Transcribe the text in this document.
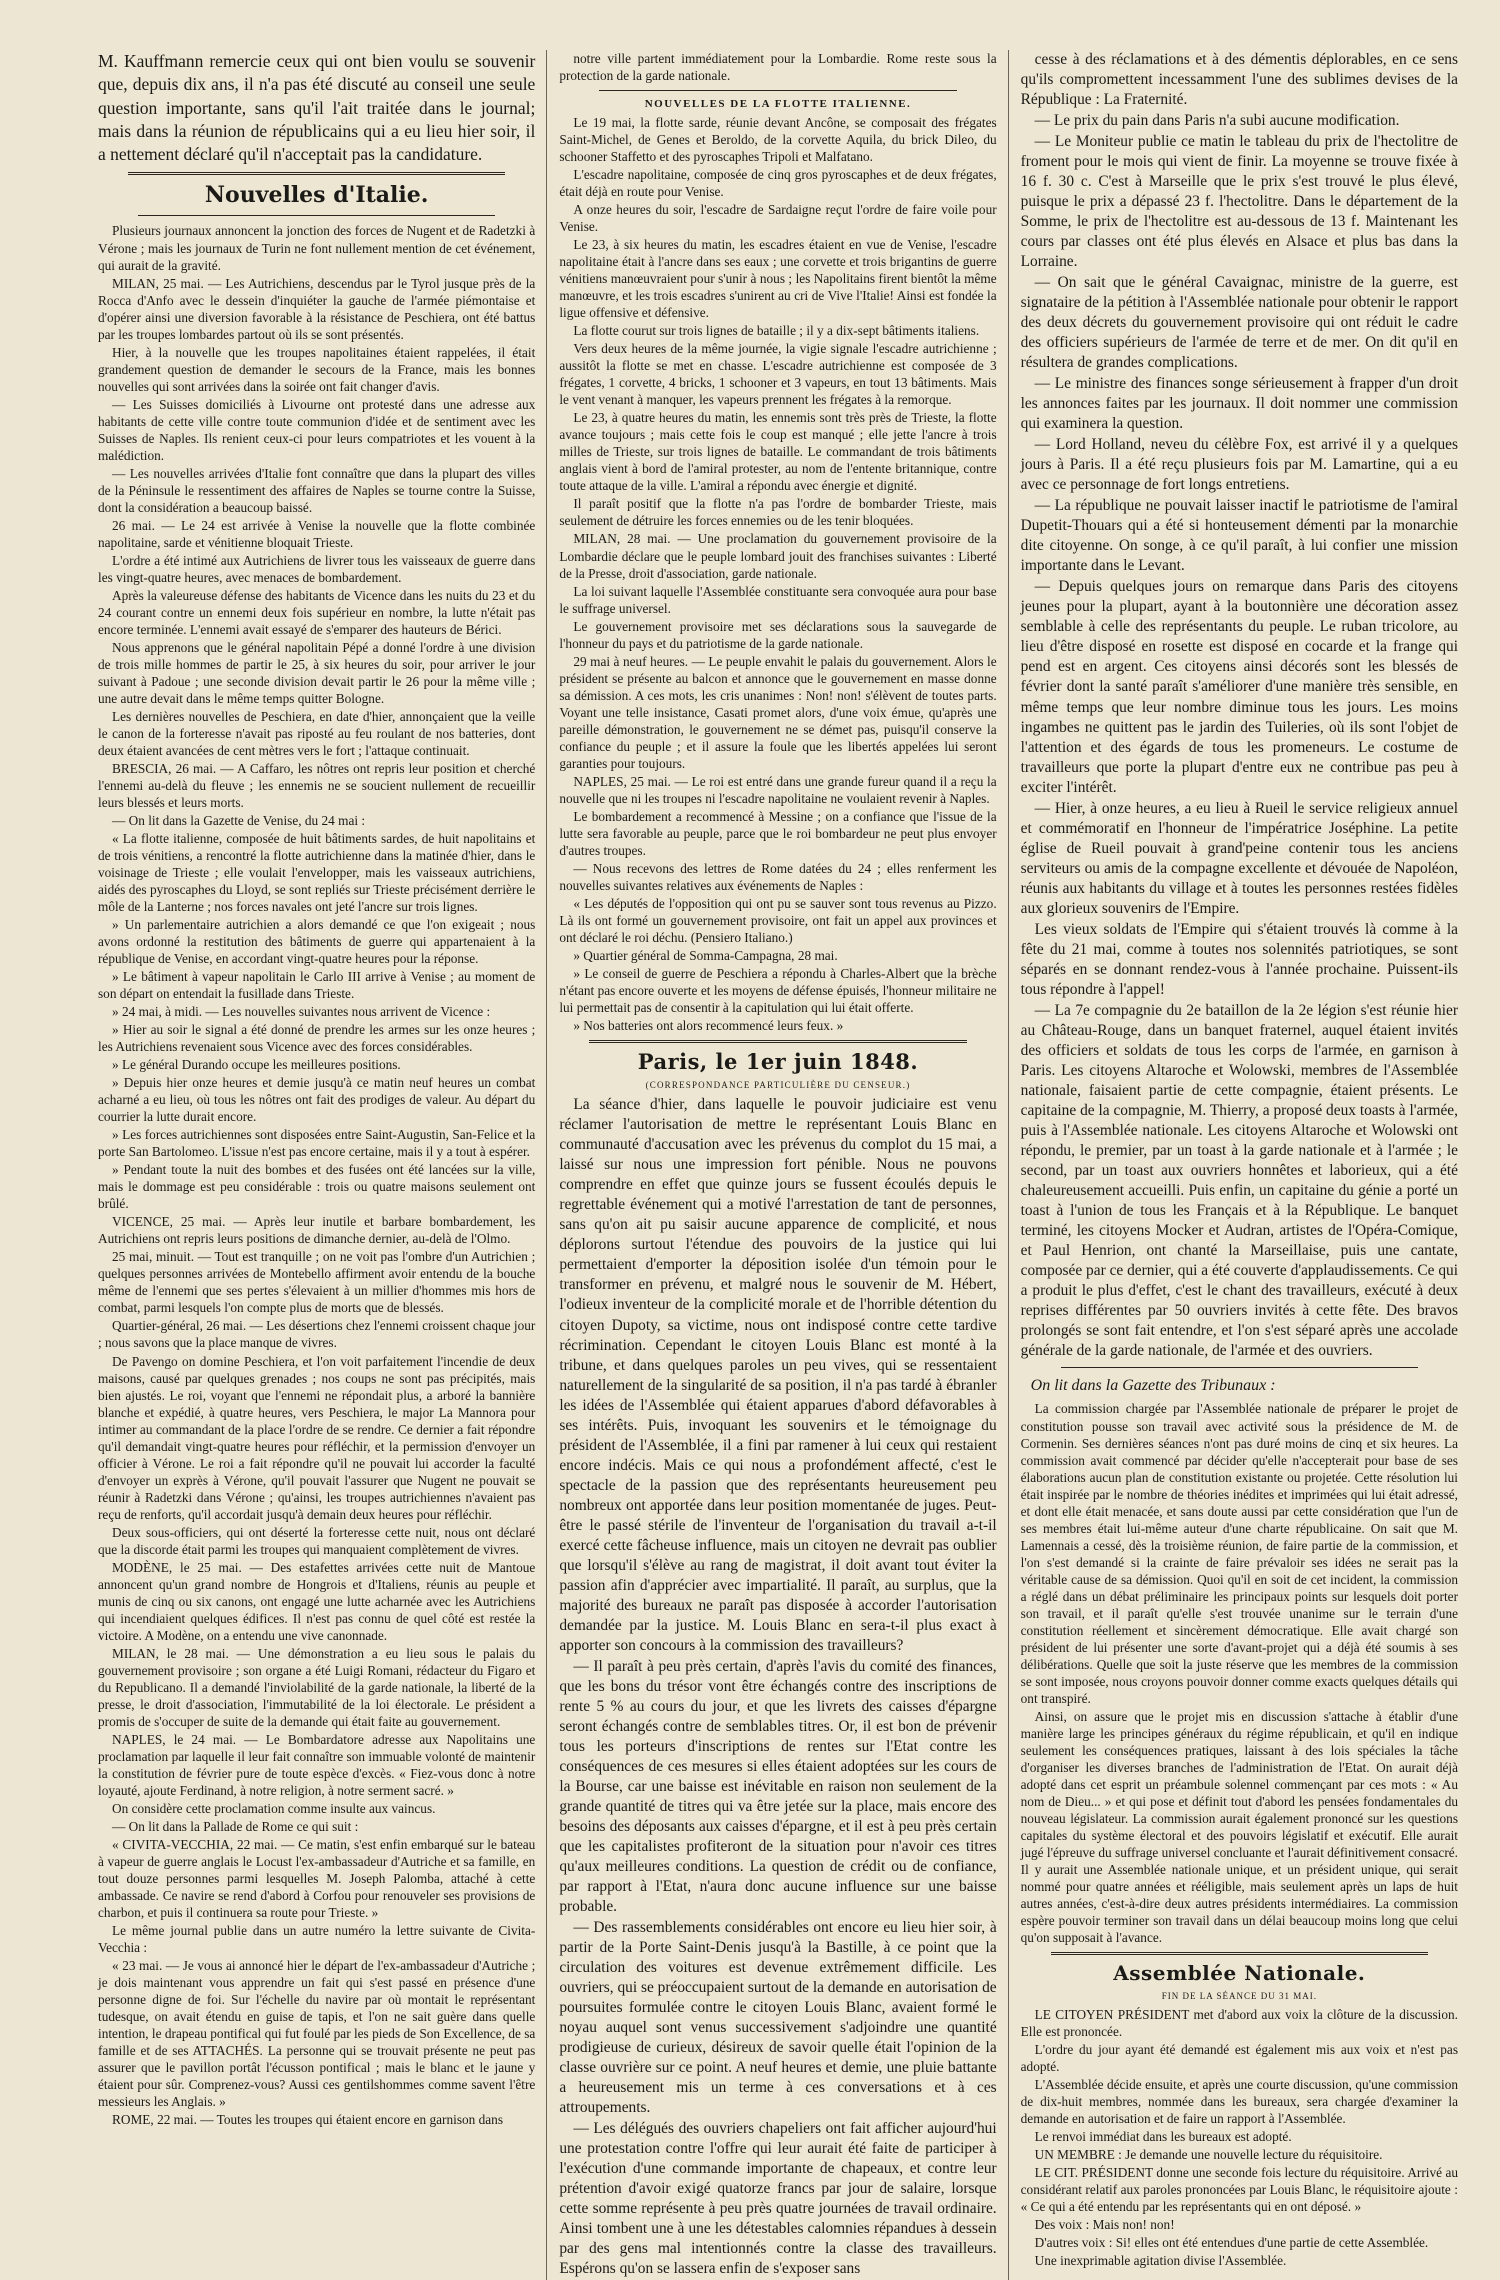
M. Kauffmann remercie ceux qui ont bien voulu se souvenir que, depuis dix ans, il n'a pas été discuté au conseil une seule question importante, sans qu'il l'ait traitée dans le journal; mais dans la réunion de républicains qui a eu lieu hier soir, il a nettement déclaré qu'il n'acceptait pas la candidature.

Nouvelles d'Italie.

Plusieurs journaux annoncent la jonction des forces de Nugent et de Radetzki à Vérone ; mais les journaux de Turin ne font nullement mention de cet événement, qui aurait de la gravité.

MILAN, 25 mai. — Les Autrichiens, descendus par le Tyrol jusque près de la Rocca d'Anfo avec le dessein d'inquiéter la gauche de l'armée piémontaise et d'opérer ainsi une diversion favorable à la résistance de Peschiera, ont été battus par les troupes lombardes partout où ils se sont présentés.

Hier, à la nouvelle que les troupes napolitaines étaient rappelées, il était grandement question de demander le secours de la France, mais les bonnes nouvelles qui sont arrivées dans la soirée ont fait changer d'avis.

— Les Suisses domiciliés à Livourne ont protesté dans une adresse aux habitants de cette ville contre toute communion d'idée et de sentiment avec les Suisses de Naples. Ils renient ceux-ci pour leurs compatriotes et les vouent à la malédiction.

— Les nouvelles arrivées d'Italie font connaître que dans la plupart des villes de la Péninsule le ressentiment des affaires de Naples se tourne contre la Suisse, dont la considération a beaucoup baissé.

26 mai. — Le 24 est arrivée à Venise la nouvelle que la flotte combinée napolitaine, sarde et vénitienne bloquait Trieste.

L'ordre a été intimé aux Autrichiens de livrer tous les vaisseaux de guerre dans les vingt-quatre heures, avec menaces de bombardement.

Après la valeureuse défense des habitants de Vicence dans les nuits du 23 et du 24 courant contre un ennemi deux fois supérieur en nombre, la lutte n'était pas encore terminée. L'ennemi avait essayé de s'emparer des hauteurs de Bérici.

Nous apprenons que le général napolitain Pépé a donné l'ordre à une division de trois mille hommes de partir le 25, à six heures du soir, pour arriver le jour suivant à Padoue ; une seconde division devait partir le 26 pour la même ville ; une autre devait dans le même temps quitter Bologne.

Les dernières nouvelles de Peschiera, en date d'hier, annonçaient que la veille le canon de la forteresse n'avait pas riposté au feu roulant de nos batteries, dont deux étaient avancées de cent mètres vers le fort ; l'attaque continuait.

BRESCIA, 26 mai. — A Caffaro, les nôtres ont repris leur position et cherché l'ennemi au-delà du fleuve ; les ennemis ne se soucient nullement de recueillir leurs blessés et leurs morts.

— On lit dans la Gazette de Venise, du 24 mai :

« La flotte italienne, composée de huit bâtiments sardes, de huit napolitains et de trois vénitiens, a rencontré la flotte autrichienne dans la matinée d'hier, dans le voisinage de Trieste ; elle voulait l'envelopper, mais les vaisseaux autrichiens, aidés des pyroscaphes du Lloyd, se sont repliés sur Trieste précisément derrière le môle de la Lanterne ; nos forces navales ont jeté l'ancre sur trois lignes.

» Un parlementaire autrichien a alors demandé ce que l'on exigeait ; nous avons ordonné la restitution des bâtiments de guerre qui appartenaient à la république de Venise, en accordant vingt-quatre heures pour la réponse.

» Le bâtiment à vapeur napolitain le Carlo III arrive à Venise ; au moment de son départ on entendait la fusillade dans Trieste.

» 24 mai, à midi. — Les nouvelles suivantes nous arrivent de Vicence :

» Hier au soir le signal a été donné de prendre les armes sur les onze heures ; les Autrichiens revenaient sous Vicence avec des forces considérables.

» Le général Durando occupe les meilleures positions.

» Depuis hier onze heures et demie jusqu'à ce matin neuf heures un combat acharné a eu lieu, où tous les nôtres ont fait des prodiges de valeur. Au départ du courrier la lutte durait encore.

» Les forces autrichiennes sont disposées entre Saint-Augustin, San-Felice et la porte San Bartolomeo. L'issue n'est pas encore certaine, mais il y a tout à espérer.

» Pendant toute la nuit des bombes et des fusées ont été lancées sur la ville, mais le dommage est peu considérable : trois ou quatre maisons seulement ont brûlé.

VICENCE, 25 mai. — Après leur inutile et barbare bombardement, les Autrichiens ont repris leurs positions de dimanche dernier, au-delà de l'Olmo.

25 mai, minuit. — Tout est tranquille ; on ne voit pas l'ombre d'un Autrichien ; quelques personnes arrivées de Montebello affirment avoir entendu de la bouche même de l'ennemi que ses pertes s'élevaient à un millier d'hommes mis hors de combat, parmi lesquels l'on compte plus de morts que de blessés.

Quartier-général, 26 mai. — Les désertions chez l'ennemi croissent chaque jour ; nous savons que la place manque de vivres.

De Pavengo on domine Peschiera, et l'on voit parfaitement l'incendie de deux maisons, causé par quelques grenades ; nos coups ne sont pas précipités, mais bien ajustés. Le roi, voyant que l'ennemi ne répondait plus, a arboré la bannière blanche et expédié, à quatre heures, vers Peschiera, le major La Mannora pour intimer au commandant de la place l'ordre de se rendre. Ce dernier a fait répondre qu'il demandait vingt-quatre heures pour réfléchir, et la permission d'envoyer un officier à Vérone. Le roi a fait répondre qu'il ne pouvait lui accorder la faculté d'envoyer un exprès à Vérone, qu'il pouvait l'assurer que Nugent ne pouvait se réunir à Radetzki dans Vérone ; qu'ainsi, les troupes autrichiennes n'avaient pas reçu de renforts, qu'il accordait jusqu'à demain deux heures pour réfléchir.

Deux sous-officiers, qui ont déserté la forteresse cette nuit, nous ont déclaré que la discorde était parmi les troupes qui manquaient complètement de vivres.

MODÈNE, le 25 mai. — Des estafettes arrivées cette nuit de Mantoue annoncent qu'un grand nombre de Hongrois et d'Italiens, réunis au peuple et munis de cinq ou six canons, ont engagé une lutte acharnée avec les Autrichiens qui incendiaient quelques édifices. Il n'est pas connu de quel côté est restée la victoire. A Modène, on a entendu une vive canonnade.

MILAN, le 28 mai. — Une démonstration a eu lieu sous le palais du gouvernement provisoire ; son organe a été Luigi Romani, rédacteur du Figaro et du Republicano. Il a demandé l'inviolabilité de la garde nationale, la liberté de la presse, le droit d'association, l'immutabilité de la loi électorale. Le président a promis de s'occuper de suite de la demande qui était faite au gouvernement.

NAPLES, le 24 mai. — Le Bombardatore adresse aux Napolitains une proclamation par laquelle il leur fait connaître son immuable volonté de maintenir la constitution de février pure de toute espèce d'excès. « Fiez-vous donc à notre loyauté, ajoute Ferdinand, à notre religion, à notre serment sacré. »

On considère cette proclamation comme insulte aux vaincus.

— On lit dans la Pallade de Rome ce qui suit :

« CIVITA-VECCHIA, 22 mai. — Ce matin, s'est enfin embarqué sur le bateau à vapeur de guerre anglais le Locust l'ex-ambassadeur d'Autriche et sa famille, en tout douze personnes parmi lesquelles M. Joseph Palomba, attaché à cette ambassade. Ce navire se rend d'abord à Corfou pour renouveler ses provisions de charbon, et puis il continuera sa route pour Trieste. »

Le même journal publie dans un autre numéro la lettre suivante de Civita-Vecchia :

« 23 mai. — Je vous ai annoncé hier le départ de l'ex-ambassadeur d'Autriche ; je dois maintenant vous apprendre un fait qui s'est passé en présence d'une personne digne de foi. Sur l'échelle du navire par où montait le représentant tudesque, on avait étendu en guise de tapis, et l'on ne sait guère dans quelle intention, le drapeau pontifical qui fut foulé par les pieds de Son Excellence, de sa famille et de ses ATTACHÉS. La personne qui se trouvait présente ne peut pas assurer que le pavillon portât l'écusson pontifical ; mais le blanc et le jaune y étaient pour sûr. Comprenez-vous? Aussi ces gentilshommes comme savent l'être messieurs les Anglais. »

ROME, 22 mai. — Toutes les troupes qui étaient encore en garnison dans

notre ville partent immédiatement pour la Lombardie. Rome reste sous la protection de la garde nationale.

NOUVELLES DE LA FLOTTE ITALIENNE.

Le 19 mai, la flotte sarde, réunie devant Ancône, se composait des frégates Saint-Michel, de Genes et Beroldo, de la corvette Aquila, du brick Dileo, du schooner Staffetto et des pyroscaphes Tripoli et Malfatano.

L'escadre napolitaine, composée de cinq gros pyroscaphes et de deux frégates, était déjà en route pour Venise.

A onze heures du soir, l'escadre de Sardaigne reçut l'ordre de faire voile pour Venise.

Le 23, à six heures du matin, les escadres étaient en vue de Venise, l'escadre napolitaine était à l'ancre dans ses eaux ; une corvette et trois brigantins de guerre vénitiens manœuvraient pour s'unir à nous ; les Napolitains firent bientôt la même manœuvre, et les trois escadres s'unirent au cri de Vive l'Italie! Ainsi est fondée la ligue offensive et défensive.

La flotte courut sur trois lignes de bataille ; il y a dix-sept bâtiments italiens.

Vers deux heures de la même journée, la vigie signale l'escadre autrichienne ; aussitôt la flotte se met en chasse. L'escadre autrichienne est composée de 3 frégates, 1 corvette, 4 bricks, 1 schooner et 3 vapeurs, en tout 13 bâtiments. Mais le vent venant à manquer, les vapeurs prennent les frégates à la remorque.

Le 23, à quatre heures du matin, les ennemis sont très près de Trieste, la flotte avance toujours ; mais cette fois le coup est manqué ; elle jette l'ancre à trois milles de Trieste, sur trois lignes de bataille. Le commandant de trois bâtiments anglais vient à bord de l'amiral protester, au nom de l'entente britannique, contre toute attaque de la ville. L'amiral a répondu avec énergie et dignité.

Il paraît positif que la flotte n'a pas l'ordre de bombarder Trieste, mais seulement de détruire les forces ennemies ou de les tenir bloquées.

MILAN, 28 mai. — Une proclamation du gouvernement provisoire de la Lombardie déclare que le peuple lombard jouit des franchises suivantes : Liberté de la Presse, droit d'association, garde nationale.

La loi suivant laquelle l'Assemblée constituante sera convoquée aura pour base le suffrage universel.

Le gouvernement provisoire met ses déclarations sous la sauvegarde de l'honneur du pays et du patriotisme de la garde nationale.

29 mai à neuf heures. — Le peuple envahit le palais du gouvernement. Alors le président se présente au balcon et annonce que le gouvernement en masse donne sa démission. A ces mots, les cris unanimes : Non! non! s'élèvent de toutes parts. Voyant une telle insistance, Casati promet alors, d'une voix émue, qu'après une pareille démonstration, le gouvernement ne se démet pas, puisqu'il conserve la confiance du peuple ; et il assure la foule que les libertés appelées lui seront garanties pour toujours.

NAPLES, 25 mai. — Le roi est entré dans une grande fureur quand il a reçu la nouvelle que ni les troupes ni l'escadre napolitaine ne voulaient revenir à Naples.

Le bombardement a recommencé à Messine ; on a confiance que l'issue de la lutte sera favorable au peuple, parce que le roi bombardeur ne peut plus envoyer d'autres troupes.

— Nous recevons des lettres de Rome datées du 24 ; elles renferment les nouvelles suivantes relatives aux événements de Naples :

« Les députés de l'opposition qui ont pu se sauver sont tous revenus au Pizzo. Là ils ont formé un gouvernement provisoire, ont fait un appel aux provinces et ont déclaré le roi déchu. (Pensiero Italiano.)

» Quartier général de Somma-Campagna, 28 mai.

» Le conseil de guerre de Peschiera a répondu à Charles-Albert que la brèche n'étant pas encore ouverte et les moyens de défense épuisés, l'honneur militaire ne lui permettait pas de consentir à la capitulation qui lui était offerte.

» Nos batteries ont alors recommencé leurs feux. »

Paris, le 1er juin 1848.
(CORRESPONDANCE PARTICULIÈRE DU CENSEUR.)

La séance d'hier, dans laquelle le pouvoir judiciaire est venu réclamer l'autorisation de mettre le représentant Louis Blanc en communauté d'accusation avec les prévenus du complot du 15 mai, a laissé sur nous une impression fort pénible. Nous ne pouvons comprendre en effet que quinze jours se fussent écoulés depuis le regrettable événement qui a motivé l'arrestation de tant de personnes, sans qu'on ait pu saisir aucune apparence de complicité, et nous déplorons surtout l'étendue des pouvoirs de la justice qui lui permettaient d'emporter la déposition isolée d'un témoin pour le transformer en prévenu, et malgré nous le souvenir de M. Hébert, l'odieux inventeur de la complicité morale et de l'horrible détention du citoyen Dupoty, sa victime, nous ont indisposé contre cette tardive récrimination. Cependant le citoyen Louis Blanc est monté à la tribune, et dans quelques paroles un peu vives, qui se ressentaient naturellement de la singularité de sa position, il n'a pas tardé à ébranler les idées de l'Assemblée qui étaient apparues d'abord défavorables à ses intérêts. Puis, invoquant les souvenirs et le témoignage du président de l'Assemblée, il a fini par ramener à lui ceux qui restaient encore indécis. Mais ce qui nous a profondément affecté, c'est le spectacle de la passion que des représentants heureusement peu nombreux ont apportée dans leur position momentanée de juges. Peut-être le passé stérile de l'inventeur de l'organisation du travail a-t-il exercé cette fâcheuse influence, mais un citoyen ne devrait pas oublier que lorsqu'il s'élève au rang de magistrat, il doit avant tout éviter la passion afin d'apprécier avec impartialité. Il paraît, au surplus, que la majorité des bureaux ne paraît pas disposée à accorder l'autorisation demandée par la justice. M. Louis Blanc en sera-t-il plus exact à apporter son concours à la commission des travailleurs?

— Il paraît à peu près certain, d'après l'avis du comité des finances, que les bons du trésor vont être échangés contre des inscriptions de rente 5 % au cours du jour, et que les livrets des caisses d'épargne seront échangés contre de semblables titres. Or, il est bon de prévenir tous les porteurs d'inscriptions de rentes sur l'Etat contre les conséquences de ces mesures si elles étaient adoptées sur les cours de la Bourse, car une baisse est inévitable en raison non seulement de la grande quantité de titres qui va être jetée sur la place, mais encore des besoins des déposants aux caisses d'épargne, et il est à peu près certain que les capitalistes profiteront de la situation pour n'avoir ces titres qu'aux meilleures conditions. La question de crédit ou de confiance, par rapport à l'Etat, n'aura donc aucune influence sur une baisse probable.

— Des rassemblements considérables ont encore eu lieu hier soir, à partir de la Porte Saint-Denis jusqu'à la Bastille, à ce point que la circulation des voitures est devenue extrêmement difficile. Les ouvriers, qui se préoccupaient surtout de la demande en autorisation de poursuites formulée contre le citoyen Louis Blanc, avaient formé le noyau auquel sont venus successivement s'adjoindre une quantité prodigieuse de curieux, désireux de savoir quelle était l'opinion de la classe ouvrière sur ce point. A neuf heures et demie, une pluie battante a heureusement mis un terme à ces conversations et à ces attroupements.

— Les délégués des ouvriers chapeliers ont fait afficher aujourd'hui une protestation contre l'offre qui leur aurait été faite de participer à l'exécution d'une commande importante de chapeaux, et contre leur prétention d'avoir exigé quatorze francs par jour de salaire, lorsque cette somme représente à peu près quatre journées de travail ordinaire. Ainsi tombent une à une les détestables calomnies répandues à dessein par des gens mal intentionnés contre la classe des travailleurs. Espérons qu'on se lassera enfin de s'exposer sans

cesse à des réclamations et à des démentis déplorables, en ce sens qu'ils compromettent incessamment l'une des sublimes devises de la République : La Fraternité.

— Le prix du pain dans Paris n'a subi aucune modification.

— Le Moniteur publie ce matin le tableau du prix de l'hectolitre de froment pour le mois qui vient de finir. La moyenne se trouve fixée à 16 f. 30 c. C'est à Marseille que le prix s'est trouvé le plus élevé, puisque le prix a dépassé 23 f. l'hectolitre. Dans le département de la Somme, le prix de l'hectolitre est au-dessous de 13 f. Maintenant les cours par classes ont été plus élevés en Alsace et plus bas dans la Lorraine.

— On sait que le général Cavaignac, ministre de la guerre, est signataire de la pétition à l'Assemblée nationale pour obtenir le rapport des deux décrets du gouvernement provisoire qui ont réduit le cadre des officiers supérieurs de l'armée de terre et de mer. On dit qu'il en résultera de grandes complications.

— Le ministre des finances songe sérieusement à frapper d'un droit les annonces faites par les journaux. Il doit nommer une commission qui examinera la question.

— Lord Holland, neveu du célèbre Fox, est arrivé il y a quelques jours à Paris. Il a été reçu plusieurs fois par M. Lamartine, qui a eu avec ce personnage de fort longs entretiens.

— La république ne pouvait laisser inactif le patriotisme de l'amiral Dupetit-Thouars qui a été si honteusement démenti par la monarchie dite citoyenne. On songe, à ce qu'il paraît, à lui confier une mission importante dans le Levant.

— Depuis quelques jours on remarque dans Paris des citoyens jeunes pour la plupart, ayant à la boutonnière une décoration assez semblable à celle des représentants du peuple. Le ruban tricolore, au lieu d'être disposé en rosette est disposé en cocarde et la frange qui pend est en argent. Ces citoyens ainsi décorés sont les blessés de février dont la santé paraît s'améliorer d'une manière très sensible, en même temps que leur nombre diminue tous les jours. Les moins ingambes ne quittent pas le jardin des Tuileries, où ils sont l'objet de l'attention et des égards de tous les promeneurs. Le costume de travailleurs que porte la plupart d'entre eux ne contribue pas peu à exciter l'intérêt.

— Hier, à onze heures, a eu lieu à Rueil le service religieux annuel et commémoratif en l'honneur de l'impératrice Joséphine. La petite église de Rueil pouvait à grand'peine contenir tous les anciens serviteurs ou amis de la compagne excellente et dévouée de Napoléon, réunis aux habitants du village et à toutes les personnes restées fidèles aux glorieux souvenirs de l'Empire.

Les vieux soldats de l'Empire qui s'étaient trouvés là comme à la fête du 21 mai, comme à toutes nos solennités patriotiques, se sont séparés en se donnant rendez-vous à l'année prochaine. Puissent-ils tous répondre à l'appel!

— La 7e compagnie du 2e bataillon de la 2e légion s'est réunie hier au Château-Rouge, dans un banquet fraternel, auquel étaient invités des officiers et soldats de tous les corps de l'armée, en garnison à Paris. Les citoyens Altaroche et Wolowski, membres de l'Assemblée nationale, faisaient partie de cette compagnie, étaient présents. Le capitaine de la compagnie, M. Thierry, a proposé deux toasts à l'armée, puis à l'Assemblée nationale. Les citoyens Altaroche et Wolowski ont répondu, le premier, par un toast à la garde nationale et à l'armée ; le second, par un toast aux ouvriers honnêtes et laborieux, qui a été chaleureusement accueilli. Puis enfin, un capitaine du génie a porté un toast à l'union de tous les Français et à la République. Le banquet terminé, les citoyens Mocker et Audran, artistes de l'Opéra-Comique, et Paul Henrion, ont chanté la Marseillaise, puis une cantate, composée par ce dernier, qui a été couverte d'applaudissements. Ce qui a produit le plus d'effet, c'est le chant des travailleurs, exécuté à deux reprises différentes par 50 ouvriers invités à cette fête. Des bravos prolongés se sont fait entendre, et l'on s'est séparé après une accolade générale de la garde nationale, de l'armée et des ouvriers.

On lit dans la Gazette des Tribunaux :

La commission chargée par l'Assemblée nationale de préparer le projet de constitution pousse son travail avec activité sous la présidence de M. de Cormenin. Ses dernières séances n'ont pas duré moins de cinq et six heures. La commission avait commencé par décider qu'elle n'accepterait pour base de ses élaborations aucun plan de constitution existante ou projetée. Cette résolution lui était inspirée par le nombre de théories inédites et imprimées qui lui était adressé, et dont elle était menacée, et sans doute aussi par cette considération que l'un de ses membres était lui-même auteur d'une charte républicaine. On sait que M. Lamennais a cessé, dès la troisième réunion, de faire partie de la commission, et l'on s'est demandé si la crainte de faire prévaloir ses idées ne serait pas la véritable cause de sa démission. Quoi qu'il en soit de cet incident, la commission a réglé dans un débat préliminaire les principaux points sur lesquels doit porter son travail, et il paraît qu'elle s'est trouvée unanime sur le terrain d'une constitution réellement et sincèrement démocratique. Elle avait chargé son président de lui présenter une sorte d'avant-projet qui a déjà été soumis à ses délibérations. Quelle que soit la juste réserve que les membres de la commission se sont imposée, nous croyons pouvoir donner comme exacts quelques détails qui ont transpiré.

Ainsi, on assure que le projet mis en discussion s'attache à établir d'une manière large les principes généraux du régime républicain, et qu'il en indique seulement les conséquences pratiques, laissant à des lois spéciales la tâche d'organiser les diverses branches de l'administration de l'Etat. On aurait déjà adopté dans cet esprit un préambule solennel commençant par ces mots : « Au nom de Dieu... » et qui pose et définit tout d'abord les pensées fondamentales du nouveau législateur. La commission aurait également prononcé sur les questions capitales du système électoral et des pouvoirs législatif et exécutif. Elle aurait jugé l'épreuve du suffrage universel concluante et l'aurait définitivement consacré. Il y aurait une Assemblée nationale unique, et un président unique, qui serait nommé pour quatre années et rééligible, mais seulement après un laps de huit autres années, c'est-à-dire deux autres présidents intermédiaires. La commission espère pouvoir terminer son travail dans un délai beaucoup moins long que celui qu'on supposait à l'avance.

Assemblée Nationale.
FIN DE LA SÉANCE DU 31 MAI.

LE CITOYEN PRÉSIDENT met d'abord aux voix la clôture de la discussion. Elle est prononcée.

L'ordre du jour ayant été demandé est également mis aux voix et n'est pas adopté.

L'Assemblée décide ensuite, et après une courte discussion, qu'une commission de dix-huit membres, nommée dans les bureaux, sera chargée d'examiner la demande en autorisation et de faire un rapport à l'Assemblée.

Le renvoi immédiat dans les bureaux est adopté.

UN MEMBRE : Je demande une nouvelle lecture du réquisitoire.

LE CIT. PRÉSIDENT donne une seconde fois lecture du réquisitoire. Arrivé au considérant relatif aux paroles prononcées par Louis Blanc, le réquisitoire ajoute : « Ce qui a été entendu par les représentants qui en ont déposé. »

Des voix : Mais non! non!

D'autres voix : Si! elles ont été entendues d'une partie de cette Assemblée.

Une inexprimable agitation divise l'Assemblée.
